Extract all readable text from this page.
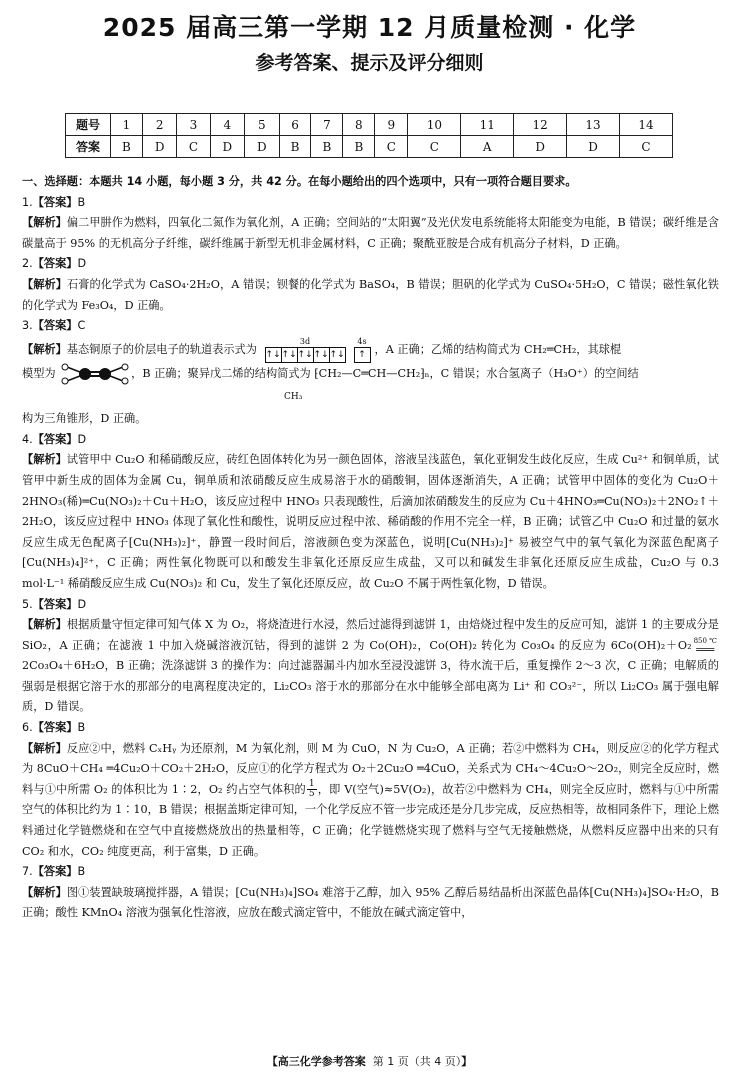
2025 届高三第一学期 12 月质量检测 · 化学
参考答案、提示及评分细则
题号	1	2	3	4	5	6	7	8	9	10	11	12	13	14
答案	B	D	C	D	D	B	B	B	C	C	A	D	D	C

一、选择题：本题共 14 小题，每小题 3 分，共 42 分。在每小题给出的四个选项中，只有一项符合题目要求。

1.【答案】B

【解析】偏二甲肼作为燃料，四氧化二氮作为氧化剂，A 正确；空间站的“太阳翼”及光伏发电系统能将太阳能变为电能，B 错误；碳纤维是含碳量高于 95% 的无机高分子纤维，碳纤维属于新型无机非金属材料，C 正确；聚酰亚胺是合成有机高分子材料，D 正确。

2.【答案】D

【解析】石膏的化学式为 CaSO₄·2H₂O，A 错误；钡餐的化学式为 BaSO₄，B 错误；胆矾的化学式为 CuSO₄·5H₂O，C 错误；磁性氧化铁的化学式为 Fe₃O₄，D 正确。

3.【答案】C

【解析】基态铜原子的价层电子的轨道表示式为
3d
↑↓ ↑↓ ↑↓ ↑↓ ↑↓
4s
↑ ，A 正确；乙烯的结构简式为 CH₂═CH₂，其球棍
模型为	，B 正确；聚异戊二烯的结构简式为 ⁅CH₂—C═CH—CH₂⁆ₙ，C 错误；水合氢离子（H₃O⁺）的空间结
CH₃
构为三角锥形，D 正确。

4.【答案】D

【解析】试管甲中 Cu₂O 和稀硝酸反应，砖红色固体转化为另一颜色固体，溶液呈浅蓝色，氧化亚铜发生歧化反应，生成 Cu²⁺ 和铜单质，试管甲中新生成的固体为金属 Cu，铜单质和浓硝酸反应生成易溶于水的硝酸铜，固体逐渐消失，A 正确；试管甲中固体的变化为 Cu₂O＋2HNO₃(稀)═Cu(NO₃)₂＋Cu＋H₂O，该反应过程中 HNO₃ 只表现酸性，后滴加浓硝酸发生的反应为 Cu＋4HNO₃═Cu(NO₃)₂＋2NO₂↑＋2H₂O，该反应过程中 HNO₃ 体现了氧化性和酸性，说明反应过程中浓、稀硝酸的作用不完全一样，B 正确；试管乙中 Cu₂O 和过量的氨水反应生成无色配离子[Cu(NH₃)₂]⁺，静置一段时间后，溶液颜色变为深蓝色，说明[Cu(NH₃)₂]⁺ 易被空气中的氧气氧化为深蓝色配离子[Cu(NH₃)₄]²⁺，C 正确；两性氧化物既可以和酸发生非氧化还原反应生成盐，又可以和碱发生非氧化还原反应生成盐，Cu₂O 与 0.3 mol·L⁻¹ 稀硝酸反应生成 Cu(NO₃)₂ 和 Cu，发生了氧化还原反应，故 Cu₂O 不属于两性氧化物，D 错误。

5.【答案】D

【解析】根据质量守恒定律可知气体 X 为 O₂，将烧渣进行水浸，然后过滤得到滤饼 1，由焙烧过程中发生的反应可知，滤饼 1 的主要成分是 SiO₂，A 正确；在滤液 1 中加入烧碱溶液沉钴，得到的滤饼 2 为 Co(OH)₂，Co(OH)₂ 转化为 Co₃O₄ 的反应为 6Co(OH)₂＋O₂ 850 ℃
═══
2Co₃O₄＋6H₂O，B 正确；洗涤滤饼 3 的操作为：向过滤器漏斗内加水至浸没滤饼 3，待水流干后，重复操作 2～3 次，C 正确；电解质的强弱是根据它溶于水的那部分的电离程度决定的，Li₂CO₃ 溶于水的那部分在水中能够全部电离为 Li⁺ 和 CO₃²⁻，所以 Li₂CO₃ 属于强电解质，D 错误。

6.【答案】B

【解析】反应②中，燃料 CₓHᵧ 为还原剂，M 为氧化剂，则 M 为 CuO，N 为 Cu₂O，A 正确；若②中燃料为 CH₄，则反应②的化学方程式为 8CuO＋CH₄ ═4Cu₂O＋CO₂＋2H₂O，反应①的化学方程式为 O₂＋2Cu₂O ═4CuO，关系式为 CH₄～4Cu₂O～2O₂，则完全反应时，燃料与①中所需 O₂ 的体积比为 1∶2，O₂ 约占空气体积的 $\frac{1}{5}$ ，即 V(空气)≈5V(O₂)，故若②中燃料为 CH₄，则完全反应时，燃料与①中所需空气的体积比约为 1∶10，B 错误；根据盖斯定律可知，一个化学反应不管一步完成还是分几步完成，反应热相等，故相同条件下，理论上燃料通过化学链燃烧和在空气中直接燃烧放出的热量相等，C 正确；化学链燃烧实现了燃料与空气无接触燃烧，从燃料反应器中出来的只有 CO₂ 和水，CO₂ 纯度更高，利于富集，D 正确。

7.【答案】B

【解析】图①装置缺玻璃搅拌器，A 错误；[Cu(NH₃)₄]SO₄ 难溶于乙醇，加入 95% 乙醇后易结晶析出深蓝色晶体[Cu(NH₃)₄]SO₄·H₂O，B 正确；酸性 KMnO₄ 溶液为强氧化性溶液，应放在酸式滴定管中，不能放在碱式滴定管中，

【高三化学参考答案 第 1 页（共 4 页）】
